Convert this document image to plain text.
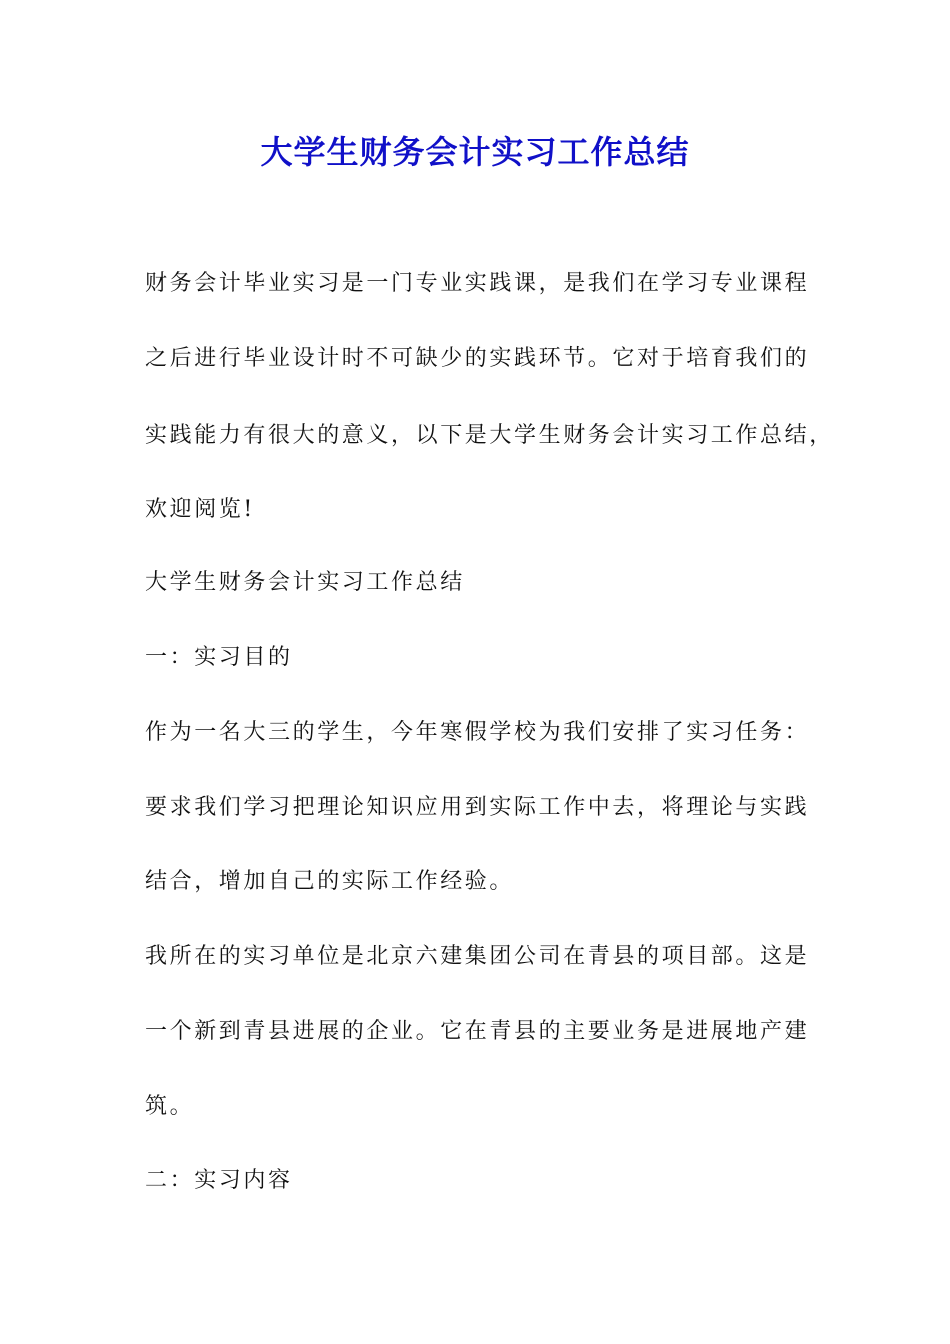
大学生财务会计实习工作总结

财务会计毕业实习是一门专业实践课，是我们在学习专业课程

之后进行毕业设计时不可缺少的实践环节。它对于培育我们的

实践能力有很大的意义，以下是大学生财务会计实习工作总结，

欢迎阅览!

大学生财务会计实习工作总结

一：实习目的

作为一名大三的学生，今年寒假学校为我们安排了实习任务：

要求我们学习把理论知识应用到实际工作中去，将理论与实践

结合，增加自己的实际工作经验。

我所在的实习单位是北京六建集团公司在青县的项目部。这是

一个新到青县进展的企业。它在青县的主要业务是进展地产建

筑。

二：实习内容
